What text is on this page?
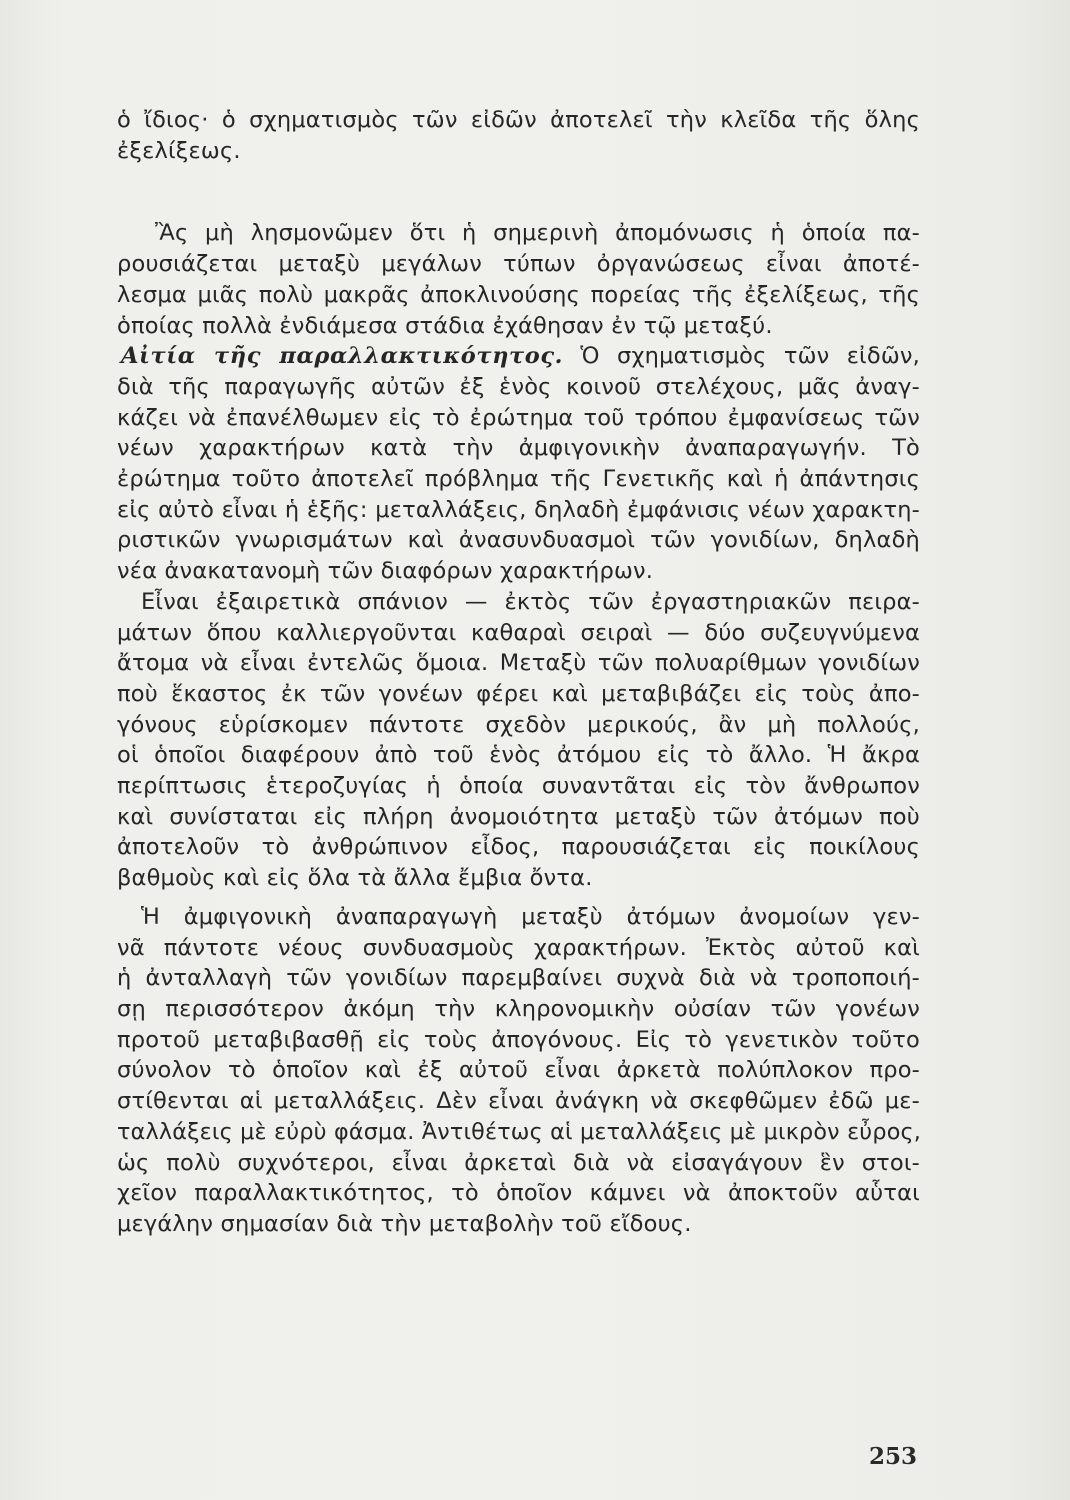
ὁ ἴδιος· ὁ σχηματισμὸς τῶν εἰδῶν ἀποτελεῖ τὴν κλεῖδα τῆς ὅλης

ἐξελίξεως.

Ἂς μὴ λησμονῶμεν ὅτι ἡ σημερινὴ ἀπομόνωσις ἡ ὁποία πα-

ρουσιάζεται μεταξὺ μεγάλων τύπων ὀργανώσεως εἶναι ἀποτέ-

λεσμα μιᾶς πολὺ μακρᾶς ἀποκλινούσης πορείας τῆς ἐξελίξεως, τῆς

ὁποίας πολλὰ ἐνδιάμεσα στάδια ἐχάθησαν ἐν τῷ μεταξύ.

Αἰτία τῆς παραλλακτικότητος. Ὁ σχηματισμὸς τῶν εἰδῶν,

διὰ τῆς παραγωγῆς αὐτῶν ἐξ ἑνὸς κοινοῦ στελέχους, μᾶς ἀναγ-

κάζει νὰ ἐπανέλθωμεν εἰς τὸ ἐρώτημα τοῦ τρόπου ἐμφανίσεως τῶν

νέων χαρακτήρων κατὰ τὴν ἀμφιγονικὴν ἀναπαραγωγήν. Τὸ

ἐρώτημα τοῦτο ἀποτελεῖ πρόβλημα τῆς Γενετικῆς καὶ ἡ ἀπάντησις

εἰς αὐτὸ εἶναι ἡ ἑξῆς: μεταλλάξεις, δηλαδὴ ἐμφάνισις νέων χαρακτη-

ριστικῶν γνωρισμάτων καὶ ἀνασυνδυασμοὶ τῶν γονιδίων, δηλαδὴ

νέα ἀνακατανομὴ τῶν διαφόρων χαρακτήρων.

Εἶναι ἐξαιρετικὰ σπάνιον — ἐκτὸς τῶν ἐργαστηριακῶν πειρα-

μάτων ὅπου καλλιεργοῦνται καθαραὶ σειραὶ — δύο συζευγνύμενα

ἄτομα νὰ εἶναι ἐντελῶς ὅμοια. Μεταξὺ τῶν πολυαρίθμων γονιδίων

ποὺ ἕκαστος ἐκ τῶν γονέων φέρει καὶ μεταβιβάζει εἰς τοὺς ἀπο-

γόνους εὑρίσκομεν πάντοτε σχεδὸν μερικούς, ἂν μὴ πολλούς,

οἱ ὁποῖοι διαφέρουν ἀπὸ τοῦ ἑνὸς ἀτόμου εἰς τὸ ἄλλο. Ἡ ἄκρα

περίπτωσις ἑτεροζυγίας ἡ ὁποία συναντᾶται εἰς τὸν ἄνθρωπον

καὶ συνίσταται εἰς πλήρη ἀνομοιότητα μεταξὺ τῶν ἀτόμων ποὺ

ἀποτελοῦν τὸ ἀνθρώπινον εἶδος, παρουσιάζεται εἰς ποικίλους

βαθμοὺς καὶ εἰς ὅλα τὰ ἄλλα ἔμβια ὄντα.

Ἡ ἀμφιγονικὴ ἀναπαραγωγὴ μεταξὺ ἀτόμων ἀνομοίων γεν-

νᾶ πάντοτε νέους συνδυασμοὺς χαρακτήρων. Ἐκτὸς αὐτοῦ καὶ

ἡ ἀνταλλαγὴ τῶν γονιδίων παρεμβαίνει συχνὰ διὰ νὰ τροποποιή-

σῃ περισσότερον ἀκόμη τὴν κληρονομικὴν οὐσίαν τῶν γονέων

προτοῦ μεταβιβασθῇ εἰς τοὺς ἀπογόνους. Εἰς τὸ γενετικὸν τοῦτο

σύνολον τὸ ὁποῖον καὶ ἐξ αὐτοῦ εἶναι ἀρκετὰ πολύπλοκον προ-

στίθενται αἱ μεταλλάξεις. Δὲν εἶναι ἀνάγκη νὰ σκεφθῶμεν ἐδῶ με-

ταλλάξεις μὲ εὐρὺ φάσμα. Ἀντιθέτως αἱ μεταλλάξεις μὲ μικρὸν εὖρος,

ὡς πολὺ συχνότεροι, εἶναι ἀρκεταὶ διὰ νὰ εἰσαγάγουν ἓν στοι-

χεῖον παραλλακτικότητος, τὸ ὁποῖον κάμνει νὰ ἀποκτοῦν αὗται

μεγάλην σημασίαν διὰ τὴν μεταβολὴν τοῦ εἴδους.

253
